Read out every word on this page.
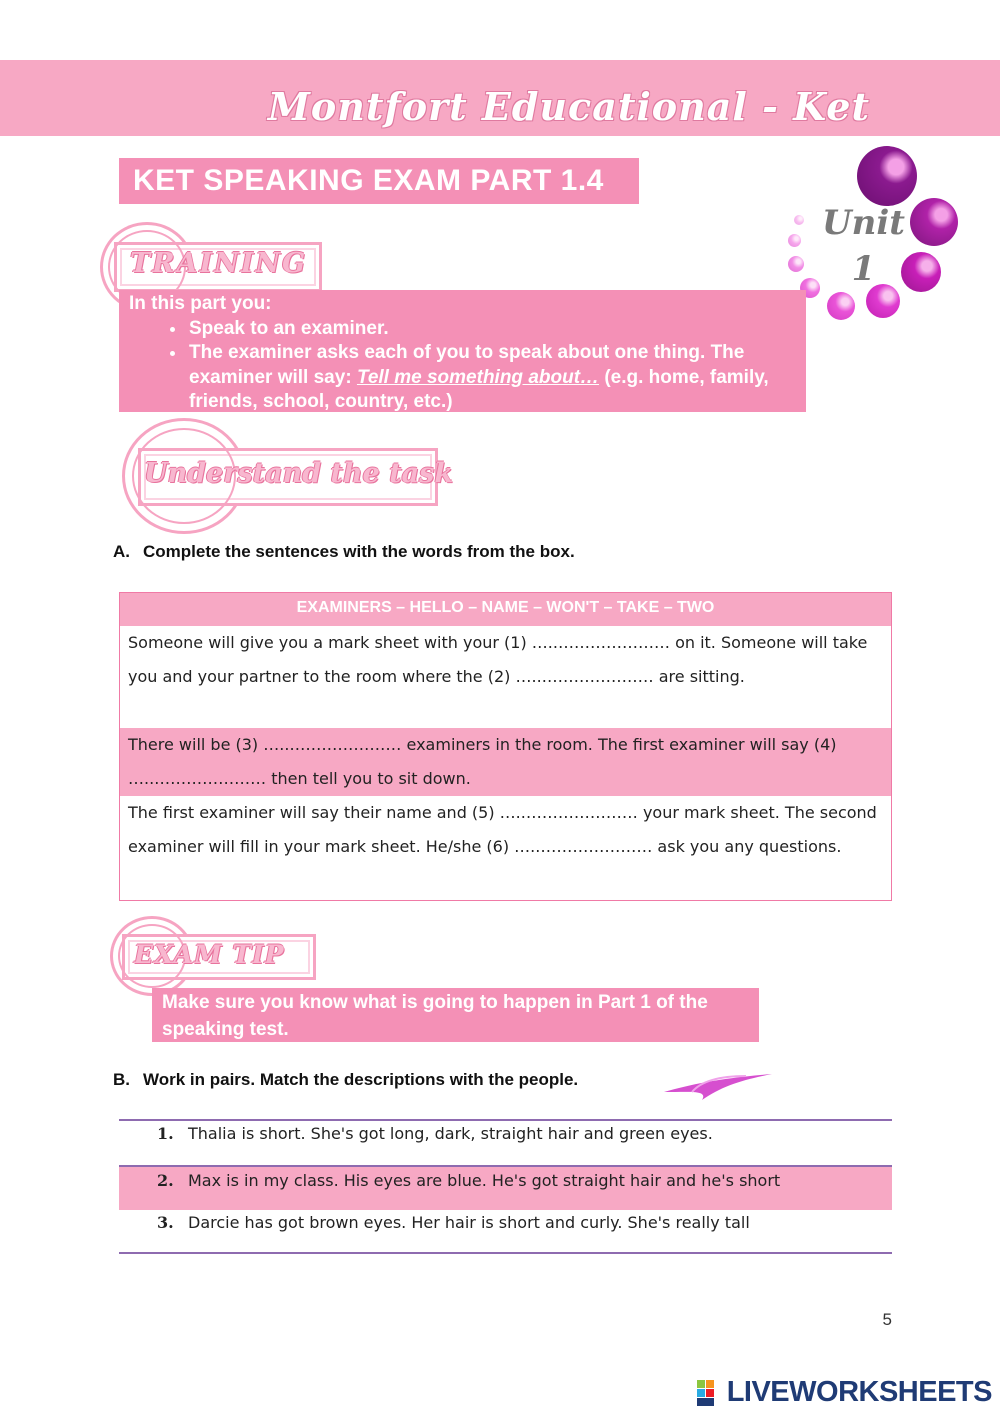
Montfort Educational - Ket
Unit
1
KET SPEAKING EXAM PART 1.4
TRAINING
In this part you:
• Speak to an examiner.
• The examiner asks each of you to speak about one thing. The examiner will say: Tell me something about… (e.g. home, family, friends, school, country, etc.)
Understand the task
A. Complete the sentences with the words from the box.
EXAMINERS – HELLO – NAME – WON'T – TAKE – TWO
Someone will give you a mark sheet with your (1) …..………………… on it. Someone will take you and your partner to the room where the (2) …..………………… are sitting.
There will be (3) …..………………… examiners in the room. The first examiner will say (4) …..………………… then tell you to sit down.
The first examiner will say their name and (5) …..………………… your mark sheet. The second examiner will fill in your mark sheet. He/she (6) …..………………… ask you any questions.
EXAM TIP
Make sure you know what is going to happen in Part 1 of the speaking test.
B. Work in pairs. Match the descriptions with the people.
1. Thalia is short. She's got long, dark, straight hair and green eyes.
2. Max is in my class. His eyes are blue. He's got straight hair and he's short
3. Darcie has got brown eyes. Her hair is short and curly. She's really tall
5
LIVEWORKSHEETS
